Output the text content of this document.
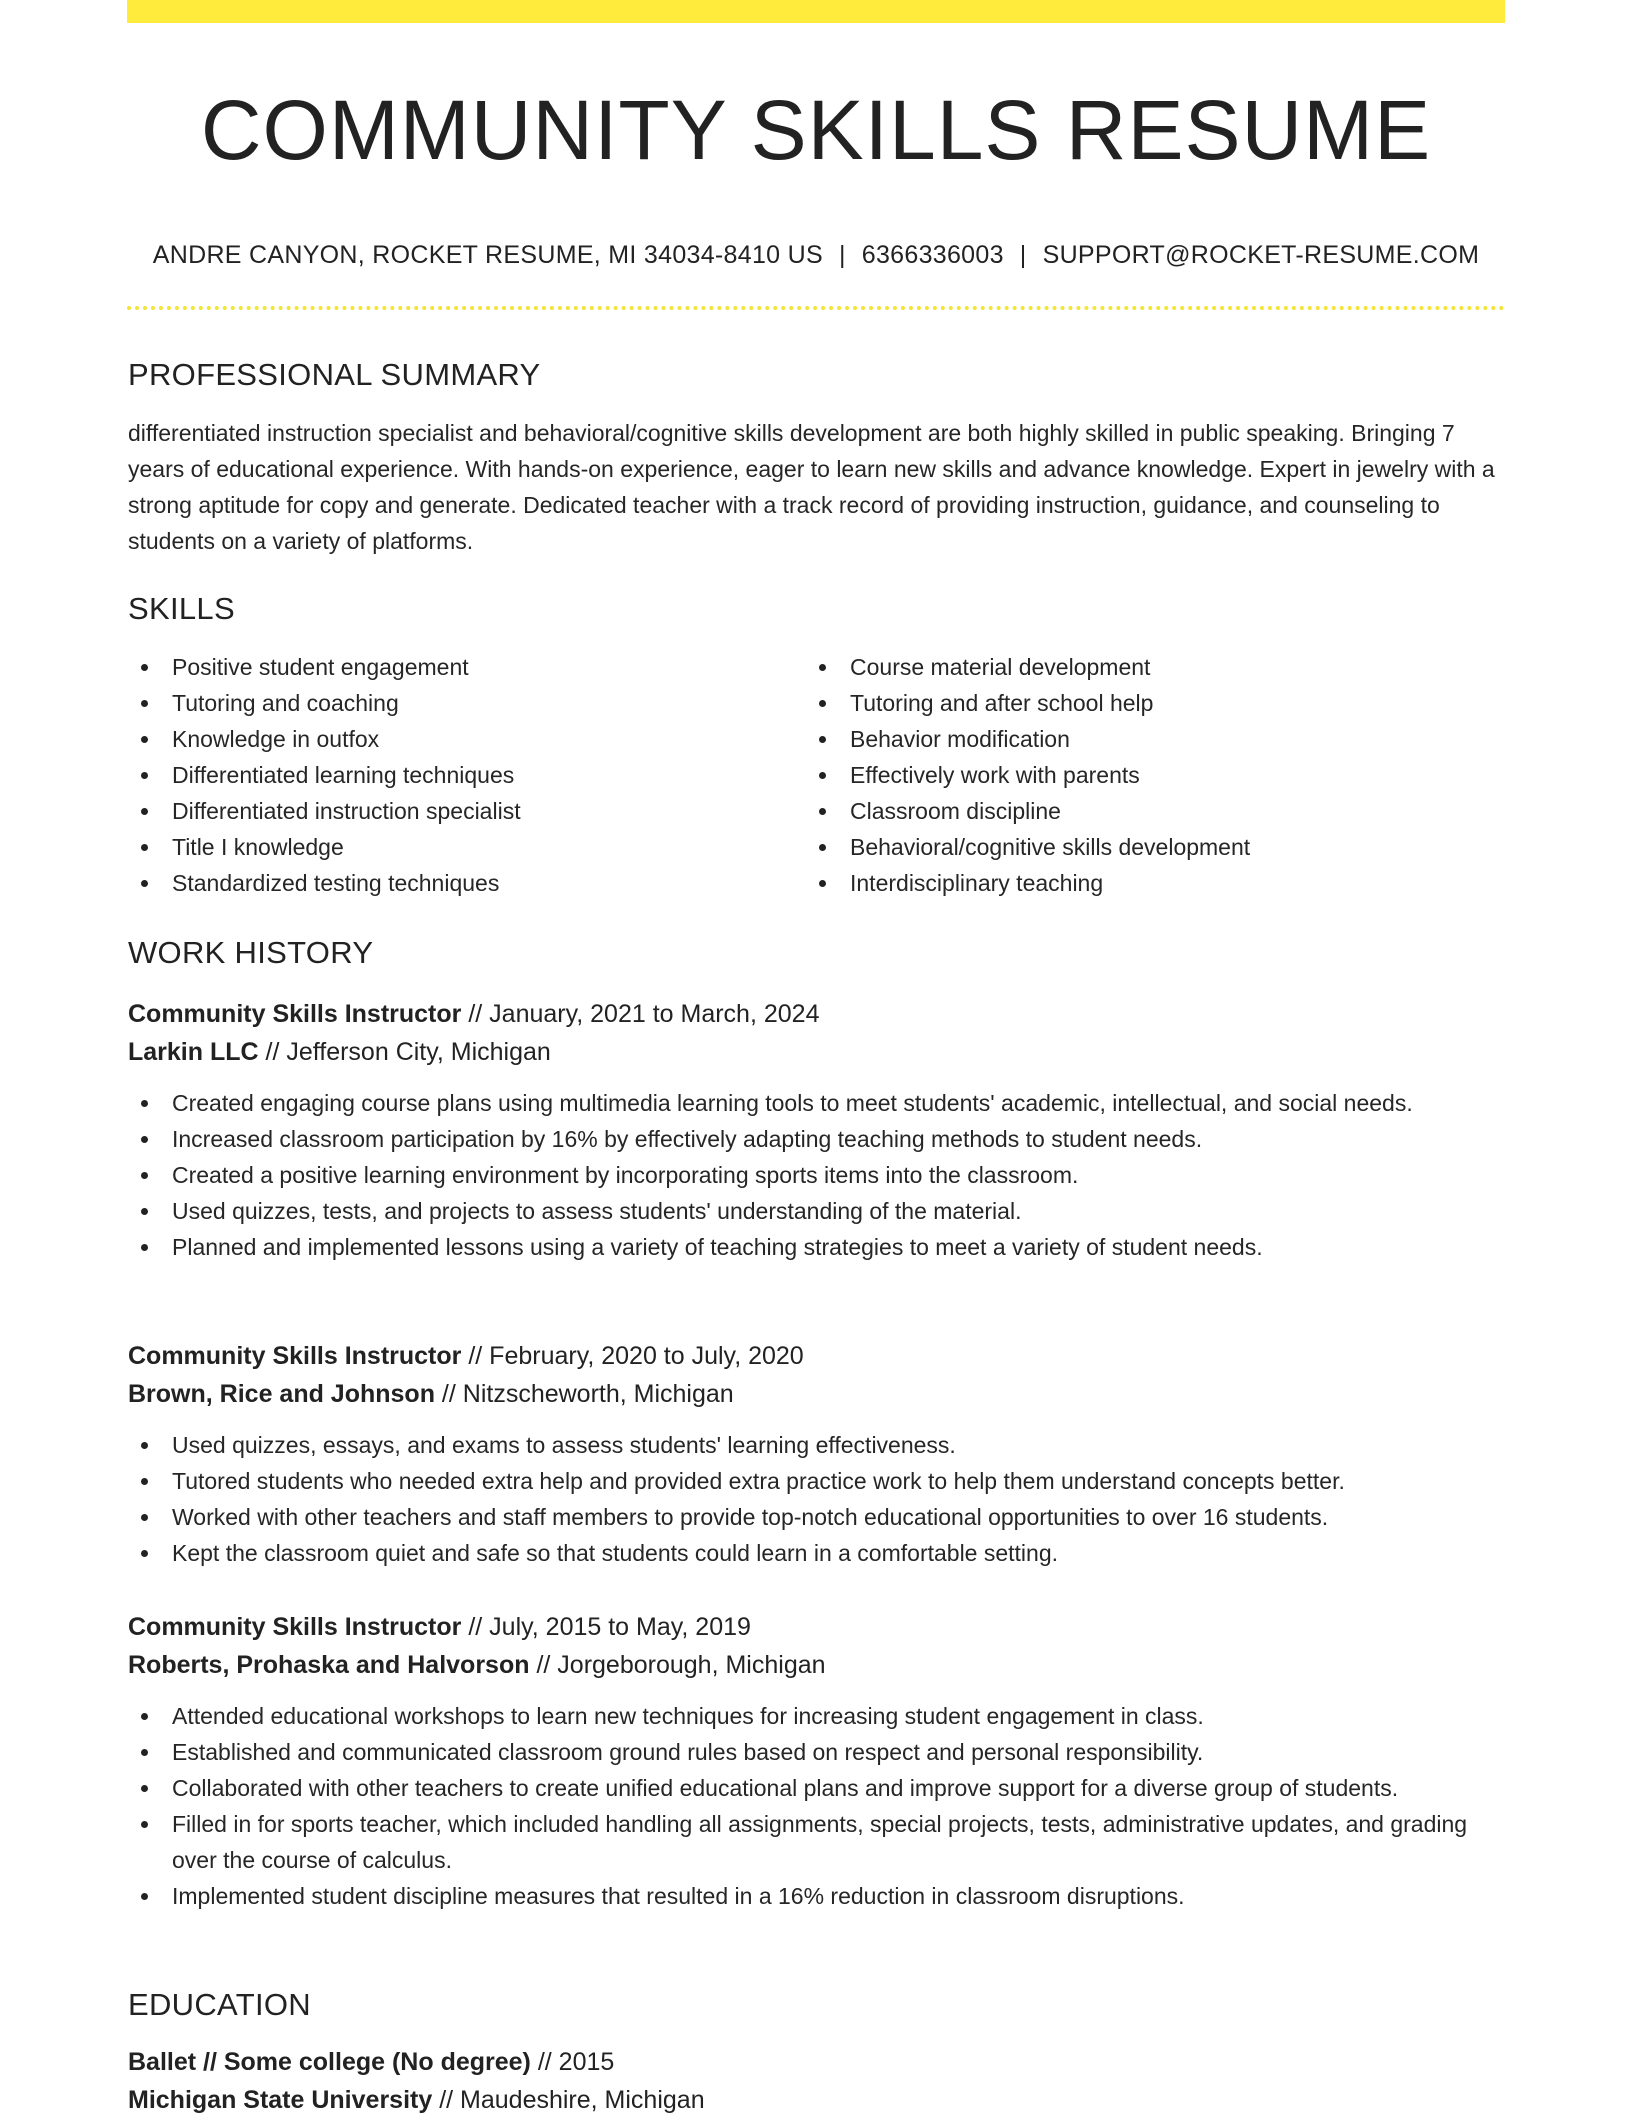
COMMUNITY SKILLS RESUME
ANDRE CANYON, ROCKET RESUME, MI 34034-8410 US | 6366336003 | SUPPORT@ROCKET-RESUME.COM
PROFESSIONAL SUMMARY

differentiated instruction specialist and behavioral/cognitive skills development are both highly skilled in public speaking. Bringing 7 years of educational experience. With hands-on experience, eager to learn new skills and advance knowledge. Expert in jewelry with a strong aptitude for copy and generate. Dedicated teacher with a track record of providing instruction, guidance, and counseling to students on a variety of platforms.

SKILLS
Positive student engagement
Tutoring and coaching
Knowledge in outfox
Differentiated learning techniques
Differentiated instruction specialist
Title I knowledge
Standardized testing techniques
Course material development
Tutoring and after school help
Behavior modification
Effectively work with parents
Classroom discipline
Behavioral/cognitive skills development
Interdisciplinary teaching
WORK HISTORY

Community Skills Instructor // January, 2021 to March, 2024

Larkin LLC // Jefferson City, Michigan

Created engaging course plans using multimedia learning tools to meet students' academic, intellectual, and social needs.
Increased classroom participation by 16% by effectively adapting teaching methods to student needs.
Created a positive learning environment by incorporating sports items into the classroom.
Used quizzes, tests, and projects to assess students' understanding of the material.
Planned and implemented lessons using a variety of teaching strategies to meet a variety of student needs.

Community Skills Instructor // February, 2020 to July, 2020

Brown, Rice and Johnson // Nitzscheworth, Michigan

Used quizzes, essays, and exams to assess students' learning effectiveness.
Tutored students who needed extra help and provided extra practice work to help them understand concepts better.
Worked with other teachers and staff members to provide top-notch educational opportunities to over 16 students.
Kept the classroom quiet and safe so that students could learn in a comfortable setting.

Community Skills Instructor // July, 2015 to May, 2019

Roberts, Prohaska and Halvorson // Jorgeborough, Michigan

Attended educational workshops to learn new techniques for increasing student engagement in class.
Established and communicated classroom ground rules based on respect and personal responsibility.
Collaborated with other teachers to create unified educational plans and improve support for a diverse group of students.
Filled in for sports teacher, which included handling all assignments, special projects, tests, administrative updates, and grading over the course of calculus.
Implemented student discipline measures that resulted in a 16% reduction in classroom disruptions.
EDUCATION

Ballet // Some college (No degree) // 2015

Michigan State University // Maudeshire, Michigan
